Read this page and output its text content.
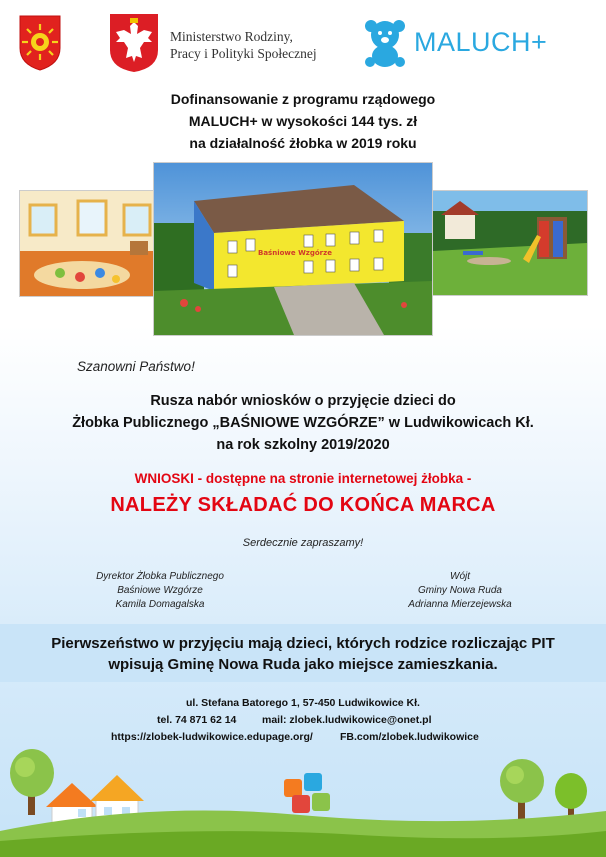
Ministerstwo Rodziny,
Pracy i Polityki Społecznej	MALUCH+
Dofinansowanie z programu rządowego
MALUCH+ w wysokości 144 tys. zł
na działalność żłobka w 2019 roku
Baśniowe Wzgórze
Szanowni Państwo!
Rusza nabór wniosków o przyjęcie dzieci do
Żłobka Publicznego „BAŚNIOWE WZGÓRZE” w Ludwikowicach Kł.
na rok szkolny 2019/2020
WNIOSKI - dostępne na stronie internetowej żłobka -
NALEŻY SKŁADAĆ DO KOŃCA MARCA
Serdecznie zapraszamy!
Dyrektor Żłobka Publicznego
Baśniowe Wzgórze
Kamila Domagalska
Wójt
Gminy Nowa Ruda
Adrianna Mierzejewska
Pierwszeństwo w przyjęciu mają dzieci, których rodzice rozliczając PIT
wpisują Gminę Nowa Ruda jako miejsce zamieszkania.
ul. Stefana Batorego 1, 57-450 Ludwikowice Kł.
tel. 74 871 62 14 mail: zlobek.ludwikowice@onet.pl
https://zlobek-ludwikowice.edupage.org/	FB.com/zlobek.ludwikowice
